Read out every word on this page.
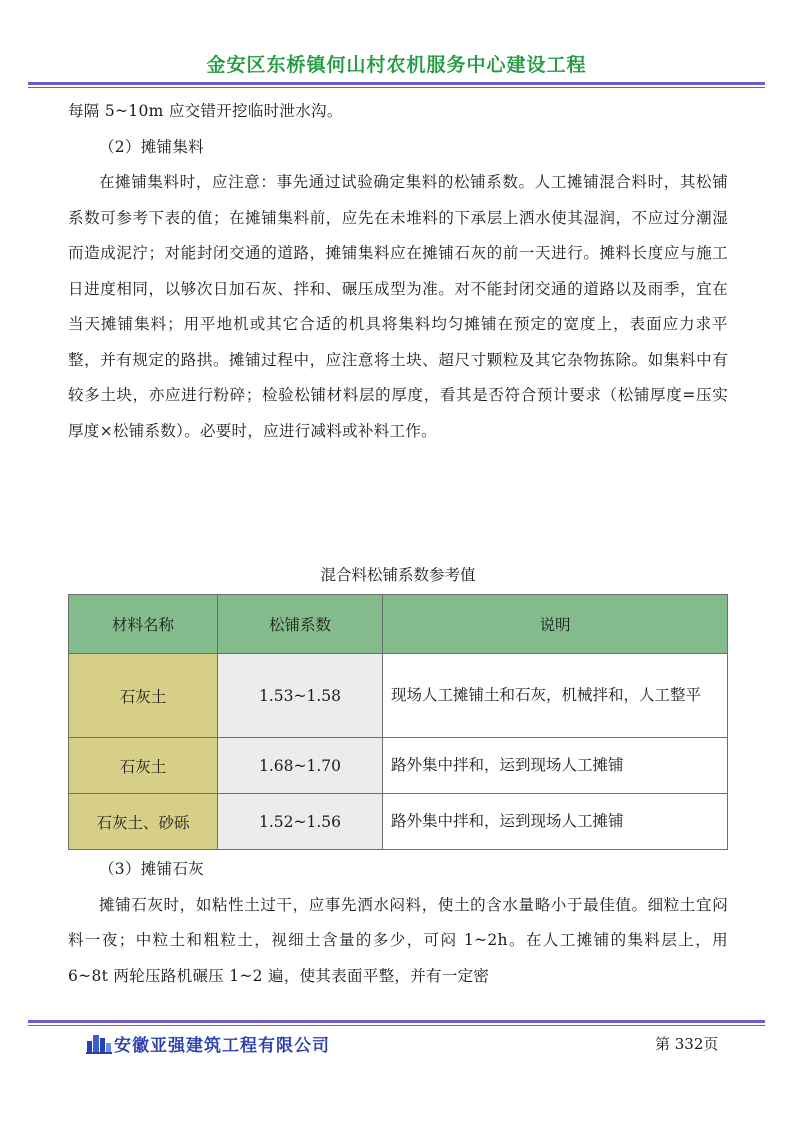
金安区东桥镇何山村农机服务中心建设工程

每隔 5~10m 应交错开挖临时泄水沟。

（2）摊铺集料

在摊铺集料时，应注意：事先通过试验确定集料的松铺系数。人工摊铺混合料时，其松铺系数可参考下表的值；在摊铺集料前，应先在未堆料的下承层上洒水使其湿润，不应过分潮湿而造成泥泞；对能封闭交通的道路，摊铺集料应在摊铺石灰的前一天进行。摊料长度应与施工日进度相同，以够次日加石灰、拌和、碾压成型为准。对不能封闭交通的道路以及雨季，宜在当天摊铺集料；用平地机或其它合适的机具将集料均匀摊铺在预定的宽度上，表面应力求平整，并有规定的路拱。摊铺过程中，应注意将土块、超尺寸颗粒及其它杂物拣除。如集料中有较多土块，亦应进行粉碎；检验松铺材料层的厚度，看其是否符合预计要求（松铺厚度=压实厚度×松铺系数）。必要时，应进行减料或补料工作。

混合料松铺系数参考值
材料名称	松铺系数	说明
石灰土	1.53~1.58	现场人工摊铺土和石灰，机械拌和，人工整平
石灰土	1.68~1.70	路外集中拌和，运到现场人工摊铺
石灰土、砂砾	1.52~1.56	路外集中拌和，运到现场人工摊铺

（3）摊铺石灰

摊铺石灰时，如粘性土过干，应事先洒水闷料，使土的含水量略小于最佳值。细粒土宜闷料一夜；中粒土和粗粒土，视细土含量的多少，可闷 1~2h。在人工摊铺的集料层上，用 6~8t 两轮压路机碾压 1~2 遍，使其表面平整，并有一定密

安徽亚强建筑工程有限公司	第 332页
